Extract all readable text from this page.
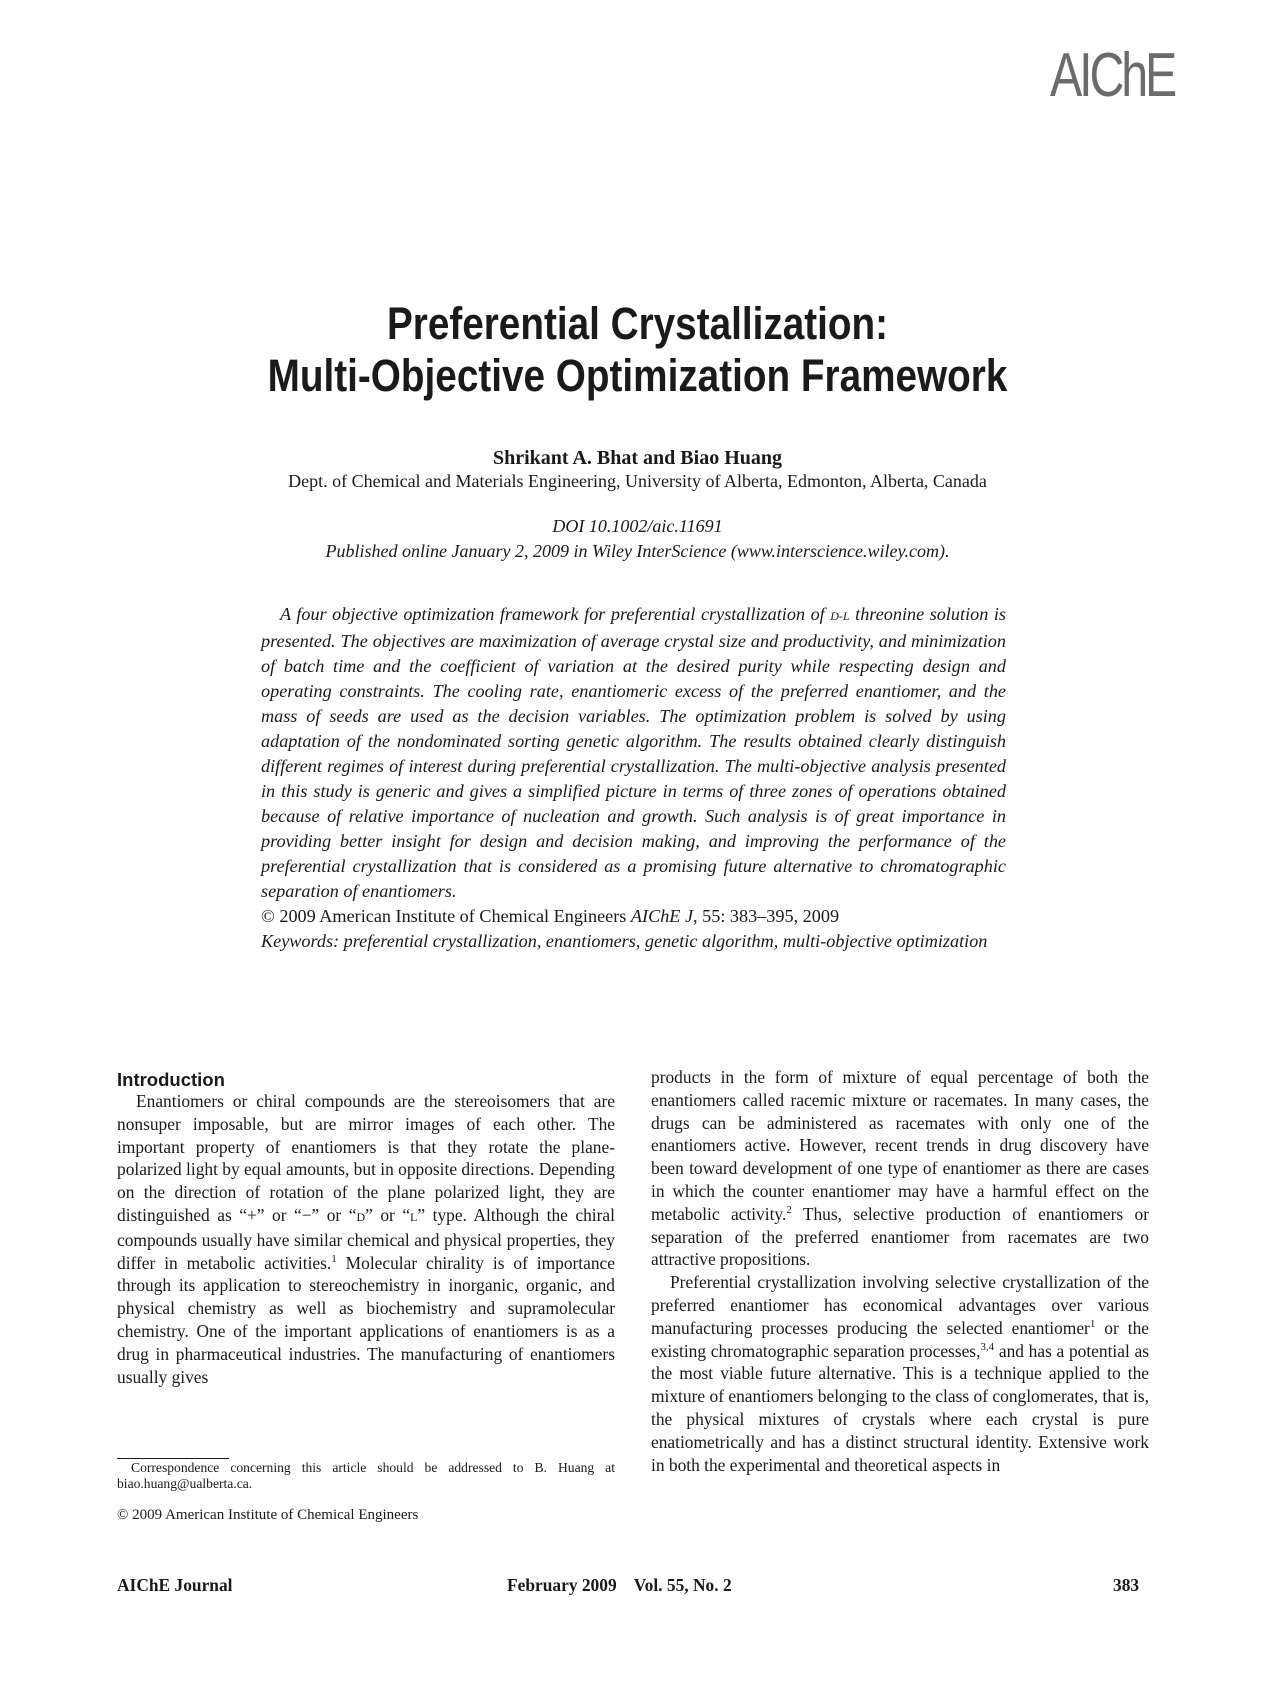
AIChE
Preferential Crystallization:
Multi-Objective Optimization Framework
Shrikant A. Bhat and Biao Huang
Dept. of Chemical and Materials Engineering, University of Alberta, Edmonton, Alberta, Canada
DOI 10.1002/aic.11691
Published online January 2, 2009 in Wiley InterScience (www.interscience.wiley.com).

A four objective optimization framework for preferential crystallization of D-L threonine solution is presented. The objectives are maximization of average crystal size and productivity, and minimization of batch time and the coefficient of variation at the desired purity while respecting design and operating constraints. The cooling rate, enantiomeric excess of the preferred enantiomer, and the mass of seeds are used as the decision variables. The optimization problem is solved by using adaptation of the nondominated sorting genetic algorithm. The results obtained clearly distinguish different regimes of interest during preferential crystallization. The multi-objective analysis presented in this study is generic and gives a simplified picture in terms of three zones of operations obtained because of relative importance of nucleation and growth. Such analysis is of great importance in providing better insight for design and decision making, and improving the performance of the preferential crystallization that is considered as a promising future alternative to chromatographic separation of enantiomers.

© 2009 American Institute of Chemical Engineers AIChE J, 55: 383–395, 2009

Keywords: preferential crystallization, enantiomers, genetic algorithm, multi-objective optimization

Introduction

Enantiomers or chiral compounds are the stereoisomers that are nonsuper imposable, but are mirror images of each other. The important property of enantiomers is that they rotate the plane-polarized light by equal amounts, but in opposite directions. Depending on the direction of rotation of the plane polarized light, they are distinguished as “+” or “−” or “D” or “L” type. Although the chiral compounds usually have similar chemical and physical properties, they differ in metabolic activities.$^1$ Molecular chirality is of importance through its application to stereochemistry in inorganic, organic, and physical chemistry as well as biochemistry and supramolecular chemistry. One of the important applications of enantiomers is as a drug in pharmaceutical industries. The manufacturing of enantiomers usually gives

products in the form of mixture of equal percentage of both the enantiomers called racemic mixture or racemates. In many cases, the drugs can be administered as racemates with only one of the enantiomers active. However, recent trends in drug discovery have been toward development of one type of enantiomer as there are cases in which the counter enantiomer may have a harmful effect on the metabolic activity.$^2$ Thus, selective production of enantiomers or separation of the preferred enantiomer from racemates are two attractive propositions.

Preferential crystallization involving selective crystallization of the preferred enantiomer has economical advantages over various manufacturing processes producing the selected enantiomer$^1$ or the existing chromatographic separation processes,$^{3,4}$ and has a potential as the most viable future alternative. This is a technique applied to the mixture of enantiomers belonging to the class of conglomerates, that is, the physical mixtures of crystals where each crystal is pure enatiometrically and has a distinct structural identity. Extensive work in both the experimental and theoretical aspects in

Correspondence concerning this article should be addressed to B. Huang at biao.huang@ualberta.ca.
© 2009 American Institute of Chemical Engineers
AIChE Journal	February 2009    Vol. 55, No. 2	383
